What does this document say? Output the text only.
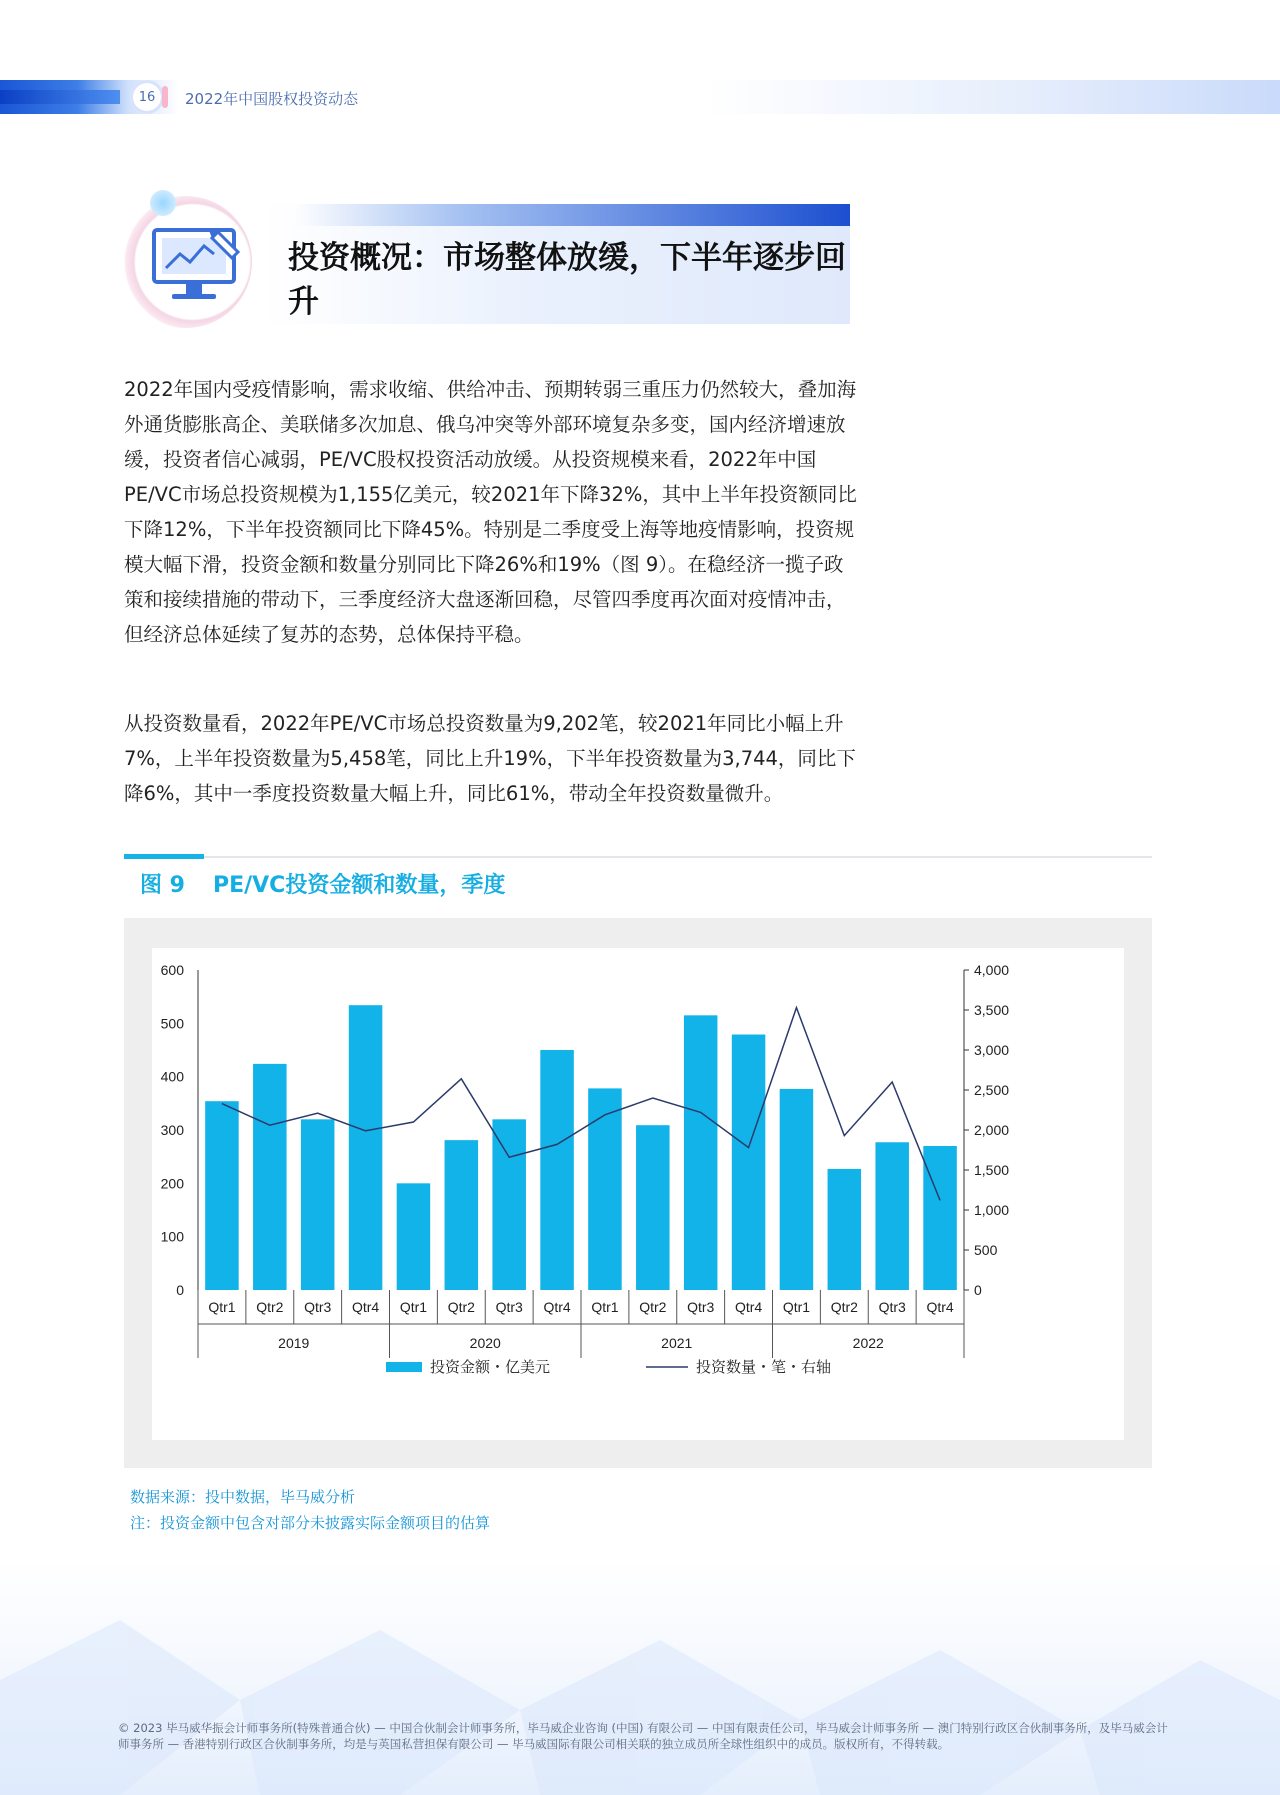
16	2022年中国股权投资动态
投资概况：市场整体放缓，下半年逐步回升

2022年国内受疫情影响，需求收缩、供给冲击、预期转弱三重压力仍然较大，叠加海外通货膨胀高企、美联储多次加息、俄乌冲突等外部环境复杂多变，国内经济增速放缓，投资者信心减弱，PE/VC股权投资活动放缓。从投资规模来看，2022年中国PE/VC市场总投资规模为1,155亿美元，较2021年下降32%，其中上半年投资额同比下降12%，下半年投资额同比下降45%。特别是二季度受上海等地疫情影响，投资规模大幅下滑，投资金额和数量分别同比下降26%和19%（图 9）。在稳经济一揽子政策和接续措施的带动下，三季度经济大盘逐渐回稳，尽管四季度再次面对疫情冲击，但经济总体延续了复苏的态势，总体保持平稳。

从投资数量看，2022年PE/VC市场总投资数量为9,202笔，较2021年同比小幅上升7%，上半年投资数量为5,458笔，同比上升19%，下半年投资数量为3,744，同比下降6%，其中一季度投资数量大幅上升，同比61%，带动全年投资数量微升。

图 9 PE/VC投资金额和数量，季度
0
100
200
300
400
500
600
0
500
1,000
1,500
2,000
2,500
3,000
3,500
4,000
Qtr1 Qtr2 Qtr3 Qtr4 Qtr1 Qtr2 Qtr3 Qtr4 Qtr1 Qtr2 Qtr3 Qtr4 Qtr1 Qtr2 Qtr3 Qtr4
2019	2020	2021	2022
投资金额・亿美元	投资数量・笔・右轴
数据来源：投中数据，毕马威分析
注：投资金额中包含对部分未披露实际金额项目的估算
© 2023 毕马威华振会计师事务所(特殊普通合伙) — 中国合伙制会计师事务所，毕马威企业咨询 (中国) 有限公司 — 中国有限责任公司，毕马威会计师事务所 — 澳门特别行政区合伙制事务所，及毕马威会计师事务所 — 香港特别行政区合伙制事务所，均是与英国私营担保有限公司 — 毕马威国际有限公司相关联的独立成员所全球性组织中的成员。版权所有，不得转载。
